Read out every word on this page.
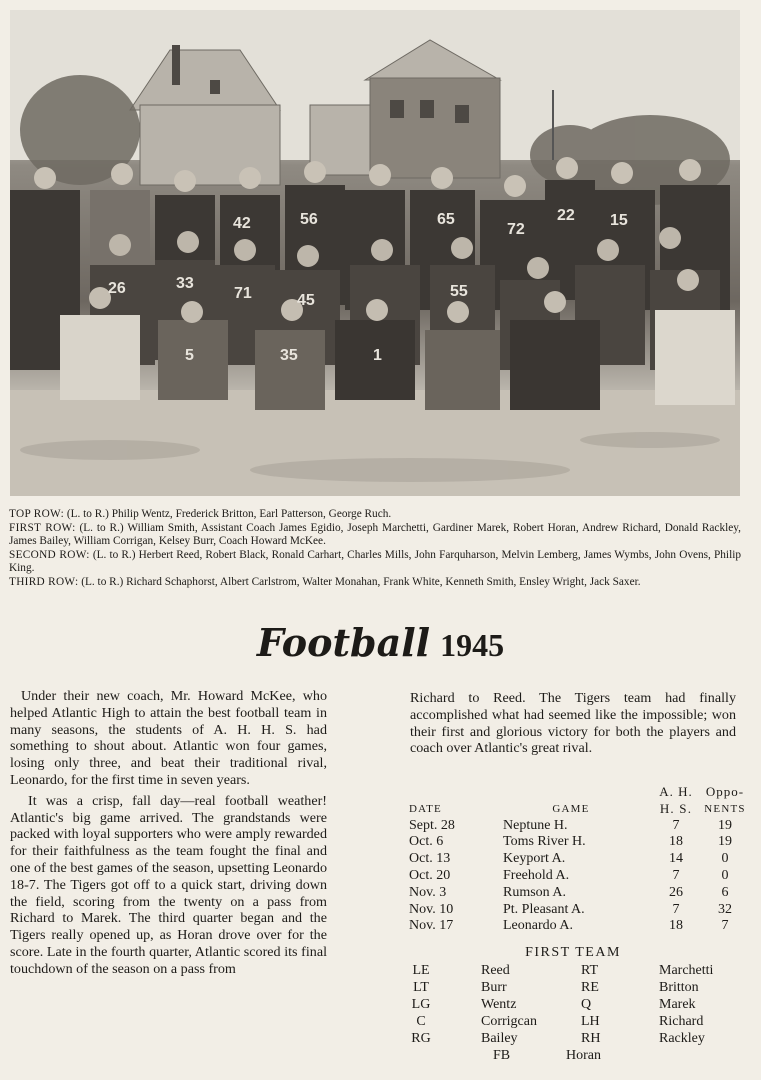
56	65
72
22 15
42
26	33
71	45
55
5	35	1

TOP ROW: (L. to R.) Philip Wentz, Frederick Britton, Earl Patterson, George Ruch.

FIRST ROW: (L. to R.) William Smith, Assistant Coach James Egidio, Joseph Marchetti, Gardiner Marek, Robert Horan, Andrew Richard, Donald Rackley, James Bailey, William Corrigan, Kelsey Burr, Coach Howard McKee.

SECOND ROW: (L. to R.) Herbert Reed, Robert Black, Ronald Carhart, Charles Mills, John Farquharson, Melvin Lemberg, James Wymbs, John Ovens, Philip King.

THIRD ROW: (L. to R.) Richard Schaphorst, Albert Carlstrom, Walter Monahan, Frank White, Kenneth Smith, Ensley Wright, Jack Saxer.

Football 1945

Under their new coach, Mr. Howard McKee, who helped Atlantic High to attain the best football team in many seasons, the students of A. H. H. S. had something to shout about. Atlantic won four games, losing only three, and beat their traditional rival, Leonardo, for the first time in seven years.

It was a crisp, fall day—real football weather! Atlantic's big game arrived. The grandstands were packed with loyal supporters who were amply rewarded for their faithfulness as the team fought the final and one of the best games of the season, upsetting Leonardo 18-7. The Tigers got off to a quick start, driving down the field, scoring from the twenty on a pass from Richard to Marek. The third quarter began and the Tigers really opened up, as Horan drove over for the score. Late in the fourth quarter, Atlantic scored its final touchdown of the season on a pass from

Richard to Reed. The Tigers team had finally accomplished what had seemed like the impossible; won their first and glorious victory for both the players and coach over Atlantic's great rival.

		A. H.	Oppo-
DATE	GAME	H. S.	NENTS
Sept. 28	Neptune H.	7	19
Oct. 6	Toms River H.	18	19
Oct. 13	Keyport A.	14	0
Oct. 20	Freehold A.	7	0
Nov. 3	Rumson A.	26	6
Nov. 10	Pt. Pleasant A.	7	32
Nov. 17	Leonardo A.	18	7
FIRST TEAM
LE	Reed	RT	Marchetti
LT	Burr	RE	Britton
LG	Wentz	Q	Marek
C	Corrigcan	LH	Richard
RG	Bailey	RH	Rackley
FB	Horan
